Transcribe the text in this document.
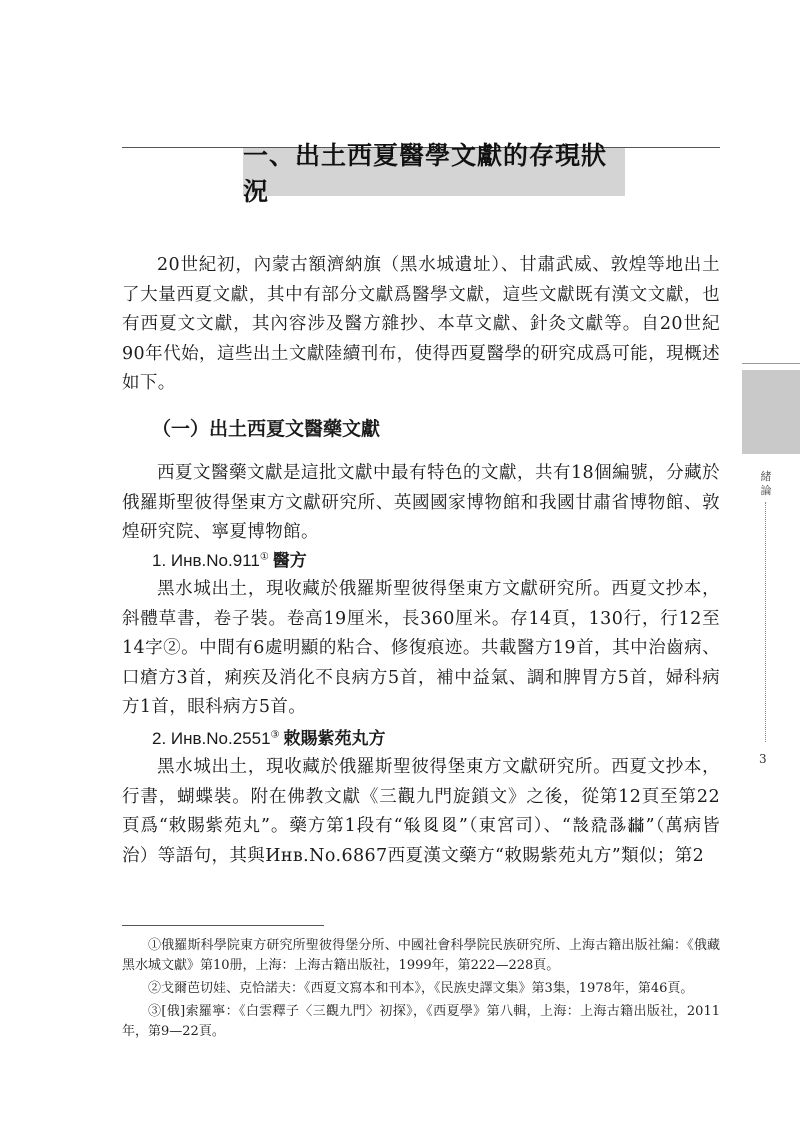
一、出土西夏醫學文獻的存現狀況
緒論
3

20世紀初，內蒙古額濟納旗（黑水城遺址）、甘肅武威、敦煌等地出土了大量西夏文獻，其中有部分文獻爲醫學文獻，這些文獻既有漢文文獻，也有西夏文文獻，其內容涉及醫方雜抄、本草文獻、針灸文獻等。自20世紀90年代始，這些出土文獻陸續刊布，使得西夏醫學的研究成爲可能，現概述如下。

（一）出土西夏文醫藥文獻

西夏文醫藥文獻是這批文獻中最有特色的文獻，共有18個編號，分藏於俄羅斯聖彼得堡東方文獻研究所、英國國家博物館和我國甘肅省博物館、敦煌研究院、寧夏博物館。

1. Инв.No.911① 醫方

黑水城出土，現收藏於俄羅斯聖彼得堡東方文獻研究所。西夏文抄本，斜體草書，卷子裝。卷高19厘米，長360厘米。存14頁，130行，行12至14字②。中間有6處明顯的粘合、修復痕迹。共載醫方19首，其中治齒病、口瘡方3首，痢疾及消化不良病方5首，補中益氣、調和脾胃方5首，婦科病方1首，眼科病方5首。

2. Инв.No.2551③ 敕賜紫苑丸方

黑水城出土，現收藏於俄羅斯聖彼得堡東方文獻研究所。西夏文抄本，行書，蝴蝶裝。附在佛教文獻《三觀九門旋鎖文》之後，從第12頁至第22頁爲“敕賜紫苑丸”。藥方第1段有“𘓐𘉋𘉋”（東宮司）、“𘕕𘟣𘃽𘂧”（萬病皆治）等語句，其與Инв.No.6867西夏漢文藥方“敕賜紫苑丸方”類似；第2

①俄羅斯科學院東方研究所聖彼得堡分所、中國社會科學院民族研究所、上海古籍出版社編：《俄藏黑水城文獻》第10册，上海：上海古籍出版社，1999年，第222—228頁。

②戈爾芭切娃、克恰諾夫：《西夏文寫本和刊本》，《民族史譯文集》第3集，1978年，第46頁。

③[俄]索羅寧：《白雲釋子〈三觀九門〉初探》，《西夏學》第八輯，上海：上海古籍出版社，2011年，第9—22頁。
